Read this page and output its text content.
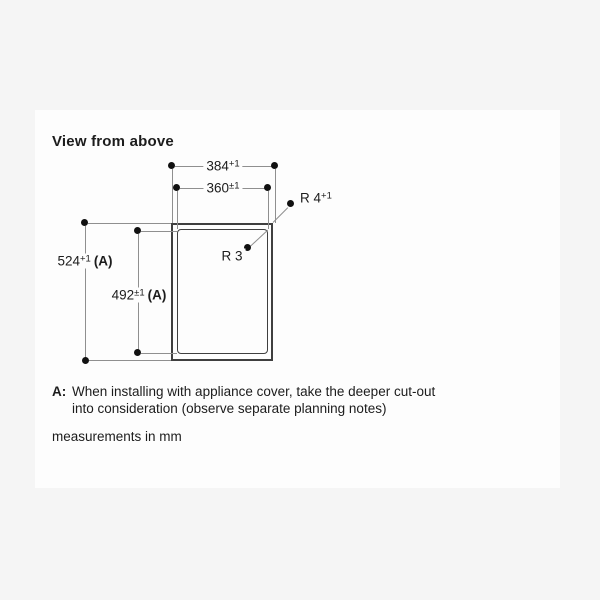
View from above
$384^{+1}$
$360^{\pm 1}$
$524^{+1}$ (A)
$492^{\pm 1}$ (A)
R $4^{+1}$
R 3
A: When installing with appliance cover, take the deeper cut-out
into consideration (observe separate planning notes)
measurements in mm
